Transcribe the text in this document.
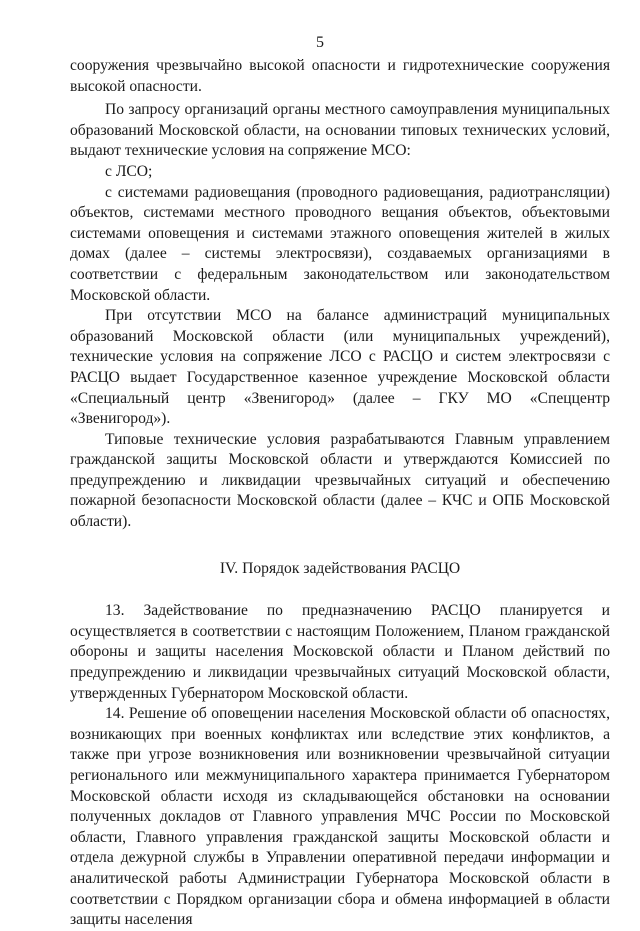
5

сооружения чрезвычайно высокой опасности и гидротехнические сооружения высокой опасности.

По запросу организаций органы местного самоуправления муниципальных образований Московской области, на основании типовых технических условий, выдают технические условия на сопряжение МСО:

с ЛСО;

с системами радиовещания (проводного радиовещания, радиотрансляции) объектов, системами местного проводного вещания объектов, объектовыми системами оповещения и системами этажного оповещения жителей в жилых домах (далее – системы электросвязи), создаваемых организациями в соответствии с федеральным законодательством или законодательством Московской области.

При отсутствии МСО на балансе администраций муниципальных образований Московской области (или муниципальных учреждений), технические условия на сопряжение ЛСО с РАСЦО и систем электросвязи с РАСЦО выдает Государственное казенное учреждение Московской области «Специальный центр «Звенигород» (далее – ГКУ МО «Спеццентр «Звенигород»).

Типовые технические условия разрабатываются Главным управлением гражданской защиты Московской области и утверждаются Комиссией по предупреждению и ликвидации чрезвычайных ситуаций и обеспечению пожарной безопасности Московской области (далее – КЧС и ОПБ Московской области).

IV. Порядок задействования РАСЦО

13. Задействование по предназначению РАСЦО планируется и осуществляется в соответствии с настоящим Положением, Планом гражданской обороны и защиты населения Московской области и Планом действий по предупреждению и ликвидации чрезвычайных ситуаций Московской области, утвержденных Губернатором Московской области.

14. Решение об оповещении населения Московской области об опасностях, возникающих при военных конфликтах или вследствие этих конфликтов, а также при угрозе возникновения или возникновении чрезвычайной ситуации регионального или межмуниципального характера принимается Губернатором Московской области исходя из складывающейся обстановки на основании полученных докладов от Главного управления МЧС России по Московской области, Главного управления гражданской защиты Московской области и отдела дежурной службы в Управлении оперативной передачи информации и аналитической работы Администрации Губернатора Московской области в соответствии с Порядком организации сбора и обмена информацией в области защиты населения
